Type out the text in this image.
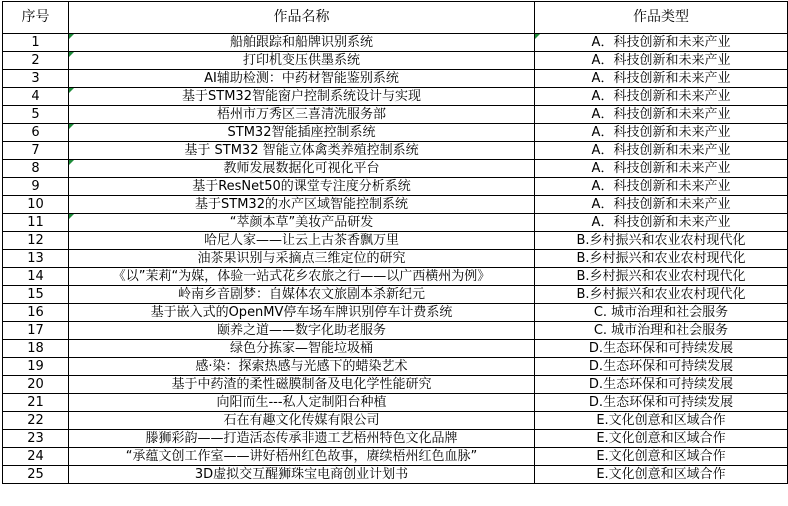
序号	作品名称	作品类型
1	船舶跟踪和船牌识别系统	A．科技创新和未来产业

2	打印机变压供墨系统	A．科技创新和未来产业
3	AI辅助检测：中药材智能鉴别系统	A．科技创新和未来产业
4	基于STM32智能窗户控制系统设计与实现	A．科技创新和未来产业
5	梧州市万秀区三喜清洗服务部	A．科技创新和未来产业
6	STM32智能插座控制系统	A．科技创新和未来产业
7	基于 STM32 智能立体禽类养殖控制系统	A．科技创新和未来产业
8	教师发展数据化可视化平台	A．科技创新和未来产业
9	基于ResNet50的课堂专注度分析系统	A．科技创新和未来产业
10	基于STM32的水产区域智能控制系统	A．科技创新和未来产业
11	“萃颜本草”美妆产品研发	A．科技创新和未来产业
12	哈尼人家——让云上古茶香飘万里	B.乡村振兴和农业农村现代化
13	油茶果识别与采摘点三维定位的研究	B.乡村振兴和农业农村现代化
14	《以”茉莉“为媒，体验一站式花乡农旅之行——以广西横州为例》	B.乡村振兴和农业农村现代化
15	岭南乡音剧梦：自媒体农文旅剧本杀新纪元	B.乡村振兴和农业农村现代化
16	基于嵌入式的OpenMV停车场车牌识别停车计费系统	C. 城市治理和社会服务
17	颐养之道——数字化助老服务	C. 城市治理和社会服务
18	绿色分拣家—智能垃圾桶	D.生态环保和可持续发展
19	感·染：探索热感与光感下的蜡染艺术	D.生态环保和可持续发展
20	基于中药渣的柔性磁膜制备及电化学性能研究	D.生态环保和可持续发展
21	向阳而生---私人定制阳台种植	D.生态环保和可持续发展
22	石在有趣文化传媒有限公司	E.文化创意和区域合作
23	滕狮彩韵——打造活态传承非遗工艺梧州特色文化品牌	E.文化创意和区域合作
24	“承蕴文创工作室——讲好梧州红色故事，赓续梧州红色血脉”	E.文化创意和区域合作
25	3D虚拟交互醒狮珠宝电商创业计划书	E.文化创意和区域合作
